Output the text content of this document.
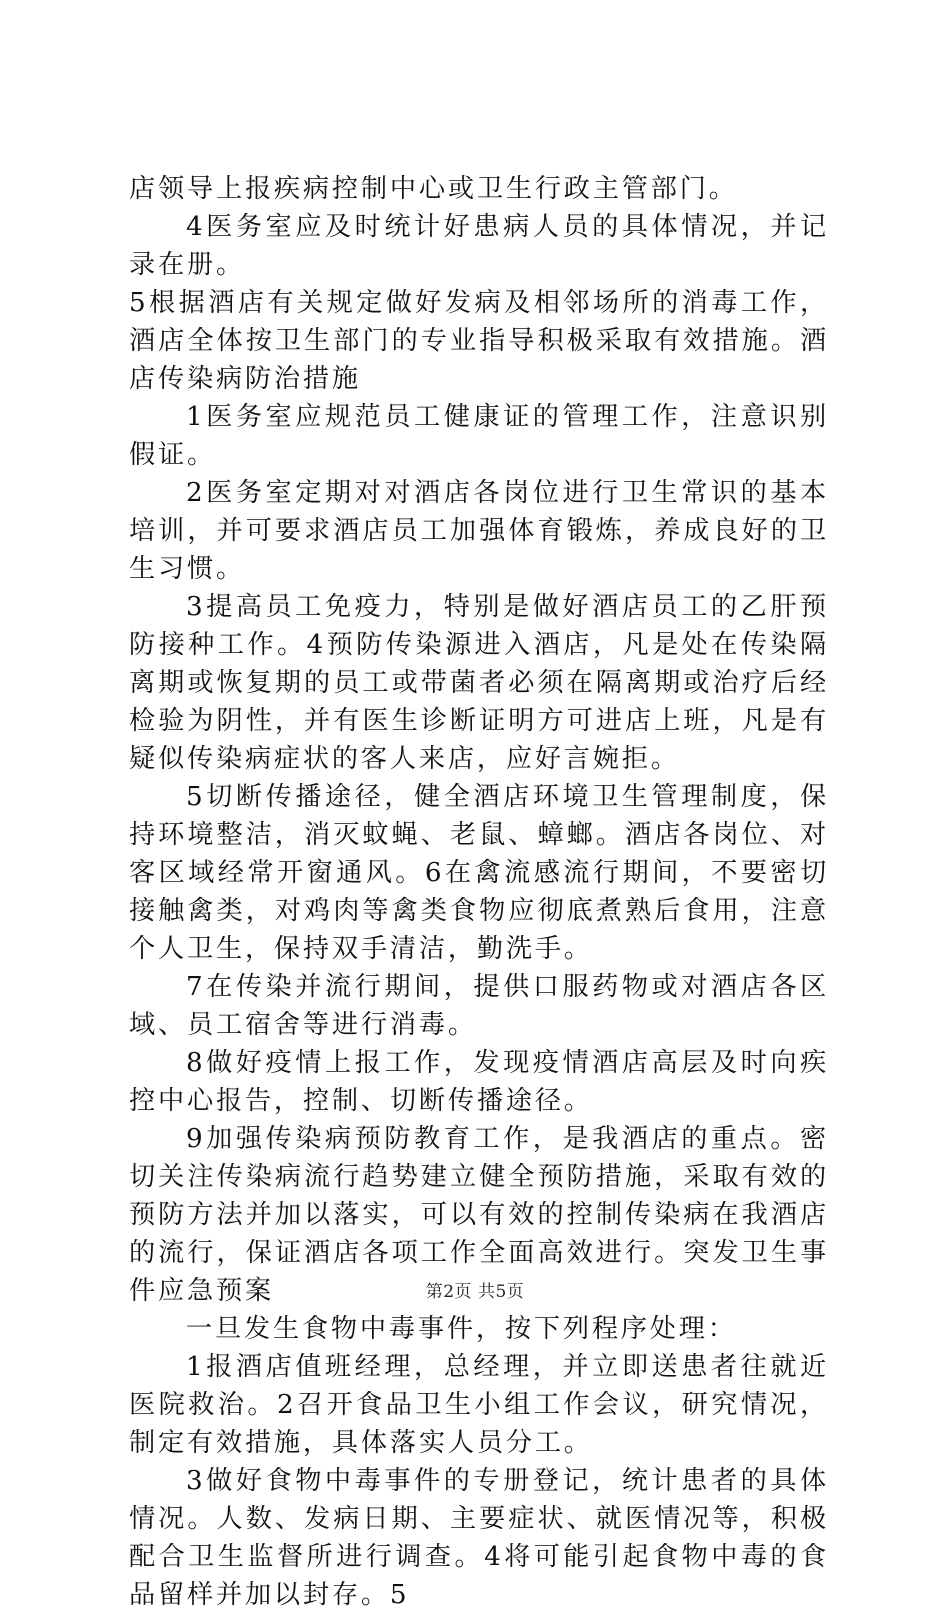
店领导上报疾病控制中心或卫生行政主管部门。

4医务室应及时统计好患病人员的具体情况，并记录在册。

5根据酒店有关规定做好发病及相邻场所的消毒工作，酒店全体按卫生部门的专业指导积极采取有效措施。酒店传染病防治措施

1医务室应规范员工健康证的管理工作，注意识别假证。

2医务室定期对对酒店各岗位进行卫生常识的基本培训，并可要求酒店员工加强体育锻炼，养成良好的卫生习惯。

3提高员工免疫力，特别是做好酒店员工的乙肝预防接种工作。4预防传染源进入酒店，凡是处在传染隔离期或恢复期的员工或带菌者必须在隔离期或治疗后经检验为阴性，并有医生诊断证明方可进店上班，凡是有疑似传染病症状的客人来店，应好言婉拒。

5切断传播途径，健全酒店环境卫生管理制度，保持环境整洁，消灭蚊蝇、老鼠、蟑螂。酒店各岗位、对客区域经常开窗通风。6在禽流感流行期间，不要密切接触禽类，对鸡肉等禽类食物应彻底煮熟后食用，注意个人卫生，保持双手清洁，勤洗手。

7在传染并流行期间，提供口服药物或对酒店各区域、员工宿舍等进行消毒。

8做好疫情上报工作，发现疫情酒店高层及时向疾控中心报告，控制、切断传播途径。

9加强传染病预防教育工作，是我酒店的重点。密切关注传染病流行趋势建立健全预防措施，采取有效的预防方法并加以落实，可以有效的控制传染病在我酒店的流行，保证酒店各项工作全面高效进行。突发卫生事件应急预案

一旦发生食物中毒事件，按下列程序处理：

1报酒店值班经理，总经理，并立即送患者往就近医院救治。2召开食品卫生小组工作会议，研究情况，制定有效措施，具体落实人员分工。

3做好食物中毒事件的专册登记，统计患者的具体情况。人数、发病日期、主要症状、就医情况等，积极配合卫生监督所进行调查。4将可能引起食物中毒的食品留样并加以封存。5

第2页 共5页
